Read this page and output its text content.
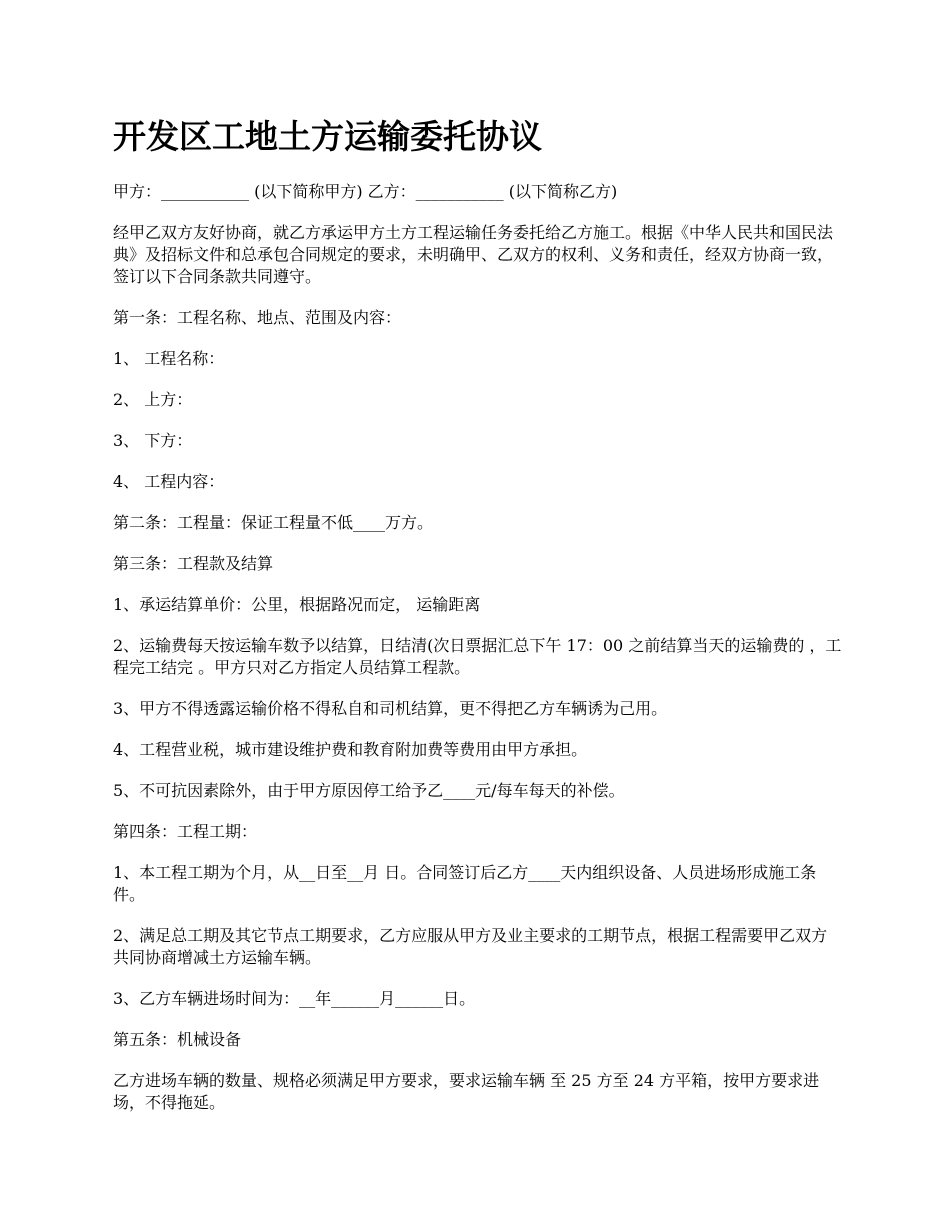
开发区工地土方运输委托协议

甲方：___________ (以下简称甲方) 乙方：___________ (以下简称乙方)

经甲乙双方友好协商，就乙方承运甲方土方工程运输任务委托给乙方施工。根据《中华人民共和国民法典》及招标文件和总承包合同规定的要求，未明确甲、乙双方的权利、义务和责任，经双方协商一致，签订以下合同条款共同遵守。

第一条：工程名称、地点、范围及内容：

1、 工程名称：

2、 上方：

3、 下方：

4、 工程内容：

第二条：工程量：保证工程量不低____万方。

第三条：工程款及结算

1、承运结算单价：公里，根据路况而定， 运输距离

2、运输费每天按运输车数予以结算，日结清(次日票据汇总下午 17：00 之前结算当天的运输费的 ，工程完工结完 。甲方只对乙方指定人员结算工程款。

3、甲方不得透露运输价格不得私自和司机结算，更不得把乙方车辆诱为己用。

4、工程营业税，城市建设维护费和教育附加费等费用由甲方承担。

5、不可抗因素除外，由于甲方原因停工给予乙____元/每车每天的补偿。

第四条：工程工期：

1、本工程工期为个月，从__日至__月 日。合同签订后乙方____天内组织设备、人员进场形成施工条件。

2、满足总工期及其它节点工期要求，乙方应服从甲方及业主要求的工期节点，根据工程需要甲乙双方共同协商增减土方运输车辆。

3、乙方车辆进场时间为：__年______月______日。

第五条：机械设备

乙方进场车辆的数量、规格必须满足甲方要求，要求运输车辆 至 25 方至 24 方平箱，按甲方要求进场，不得拖延。
